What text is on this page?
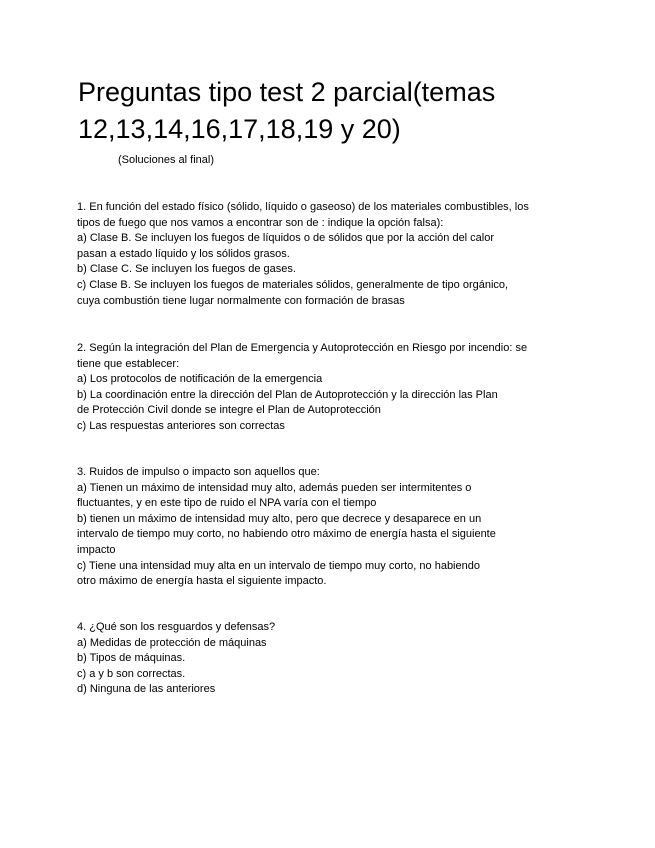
Preguntas tipo test 2 parcial(temas
12,13,14,16,17,18,19 y 20)
(Soluciones al final)
1. En función del estado físico (sólido, líquido o gaseoso) de los materiales combustibles, los
tipos de fuego que nos vamos a encontrar son de : indique la opción falsa):
a) Clase B. Se incluyen los fuegos de líquidos o de sólidos que por la acción del calor
pasan a estado líquido y los sólidos grasos.
b) Clase C. Se incluyen los fuegos de gases.
c) Clase B. Se incluyen los fuegos de materiales sólidos, generalmente de tipo orgánico,
cuya combustión tiene lugar normalmente con formación de brasas
2. Según la integración del Plan de Emergencia y Autoprotección en Riesgo por incendio: se
tiene que establecer:
a) Los protocolos de notificación de la emergencia
b) La coordinación entre la dirección del Plan de Autoprotección y la dirección las Plan
de Protección Civil donde se integre el Plan de Autoprotección
c) Las respuestas anteriores son correctas
3. Ruidos de impulso o impacto son aquellos que:
a) Tienen un máximo de intensidad muy alto, además pueden ser intermitentes o
fluctuantes, y en este tipo de ruido el NPA varía con el tiempo
b) tienen un máximo de intensidad muy alto, pero que decrece y desaparece en un
intervalo de tiempo muy corto, no habiendo otro máximo de energía hasta el siguiente
impacto
c) Tiene una intensidad muy alta en un intervalo de tiempo muy corto, no habiendo
otro máximo de energía hasta el siguiente impacto.
4. ¿Qué son los resguardos y defensas?
a) Medidas de protección de máquinas
b) Tipos de máquinas.
c) a y b son correctas.
d) Ninguna de las anteriores
